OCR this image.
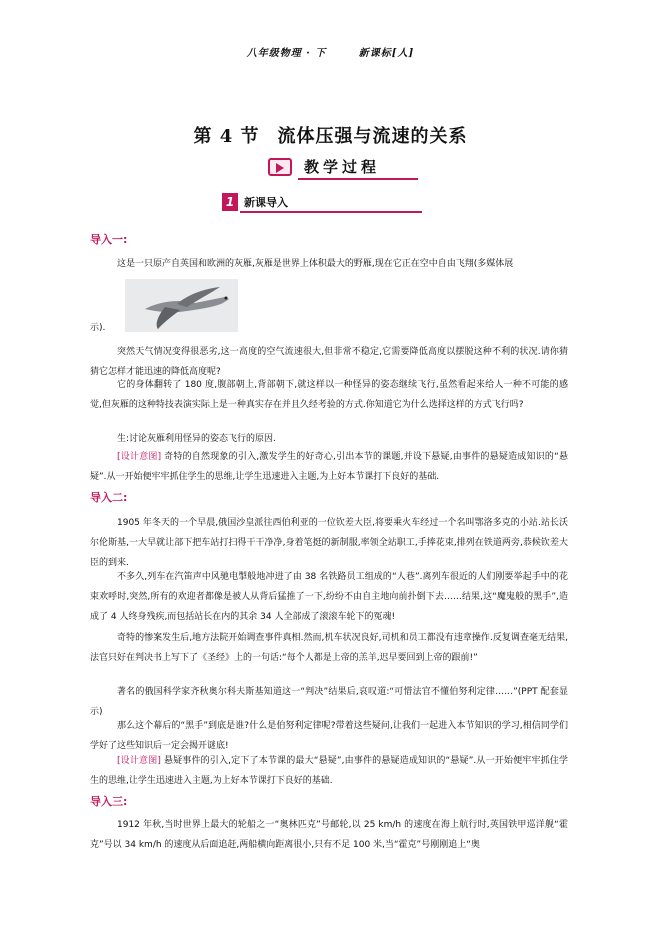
八年级物理 · 下	新课标[人]
第 4 节 流体压强与流速的关系
教学过程
1 新课导入
导入一:

这是一只原产自英国和欧洲的灰雁,灰雁是世界上体积最大的野雁,现在它正在空中自由飞翔(多媒体展

示).

突然天气情况变得很恶劣,这一高度的空气流速很大,但非常不稳定,它需要降低高度以摆脱这种不利的状况.请你猜猜它怎样才能迅速的降低高度呢?

它的身体翻转了 180 度,腹部朝上,背部朝下,就这样以一种怪异的姿态继续飞行,虽然看起来给人一种不可能的感觉,但灰雁的这种特技表演实际上是一种真实存在并且久经考验的方式.你知道它为什么选择这样的方式飞行吗?

生:讨论灰雁利用怪异的姿态飞行的原因.

[设计意图] 奇特的自然现象的引入,激发学生的好奇心,引出本节的课题,并设下悬疑,由事件的悬疑造成知识的“悬疑”.从一开始便牢牢抓住学生的思维,让学生迅速进入主题,为上好本节课打下良好的基础.

导入二:

1905 年冬天的一个早晨,俄国沙皇派往西伯利亚的一位钦差大臣,将要乘火车经过一个名叫鄂洛多克的小站.站长沃尔伦斯基,一大早就让部下把车站打扫得干干净净,身着笔挺的新制服,率领全站职工,手捧花束,排列在铁道两旁,恭候钦差大臣的到来.

不多久,列车在汽笛声中风驰电掣般地冲进了由 38 名铁路员工组成的“人巷”.离列车很近的人们刚要举起手中的花束欢呼时,突然,所有的欢迎者都像是被人从背后猛推了一下,纷纷不由自主地向前扑倒下去……结果,这“魔鬼般的黑手”,造成了 4 人终身残疾,而包括站长在内的其余 34 人全部成了滚滚车轮下的冤魂!

奇特的惨案发生后,地方法院开始调查事件真相.然而,机车状况良好,司机和员工都没有违章操作.反复调查毫无结果,法官只好在判决书上写下了《圣经》上的一句话:“每个人都是上帝的羔羊,迟早要回到上帝的跟前!”

著名的俄国科学家齐秋奥尔科夫斯基知道这一“判决”结果后,哀叹道:“可惜法官不懂伯努利定律……”(PPT 配套显示)

那么这个幕后的“黑手”到底是谁?什么是伯努利定律呢?带着这些疑问,让我们一起进入本节知识的学习,相信同学们学好了这些知识后一定会揭开谜底!

[设计意图] 悬疑事件的引入,定下了本节课的最大“悬疑”,由事件的悬疑造成知识的“悬疑”.从一开始便牢牢抓住学生的思维,让学生迅速进入主题,为上好本节课打下良好的基础.

导入三:

1912 年秋,当时世界上最大的轮船之一“奥林匹克”号邮轮,以 25 km/h 的速度在海上航行时,英国铁甲巡洋舰“霍克”号以 34 km/h 的速度从后面追赶,两船横向距离很小,只有不足 100 米,当“霍克”号刚刚追上“奥
